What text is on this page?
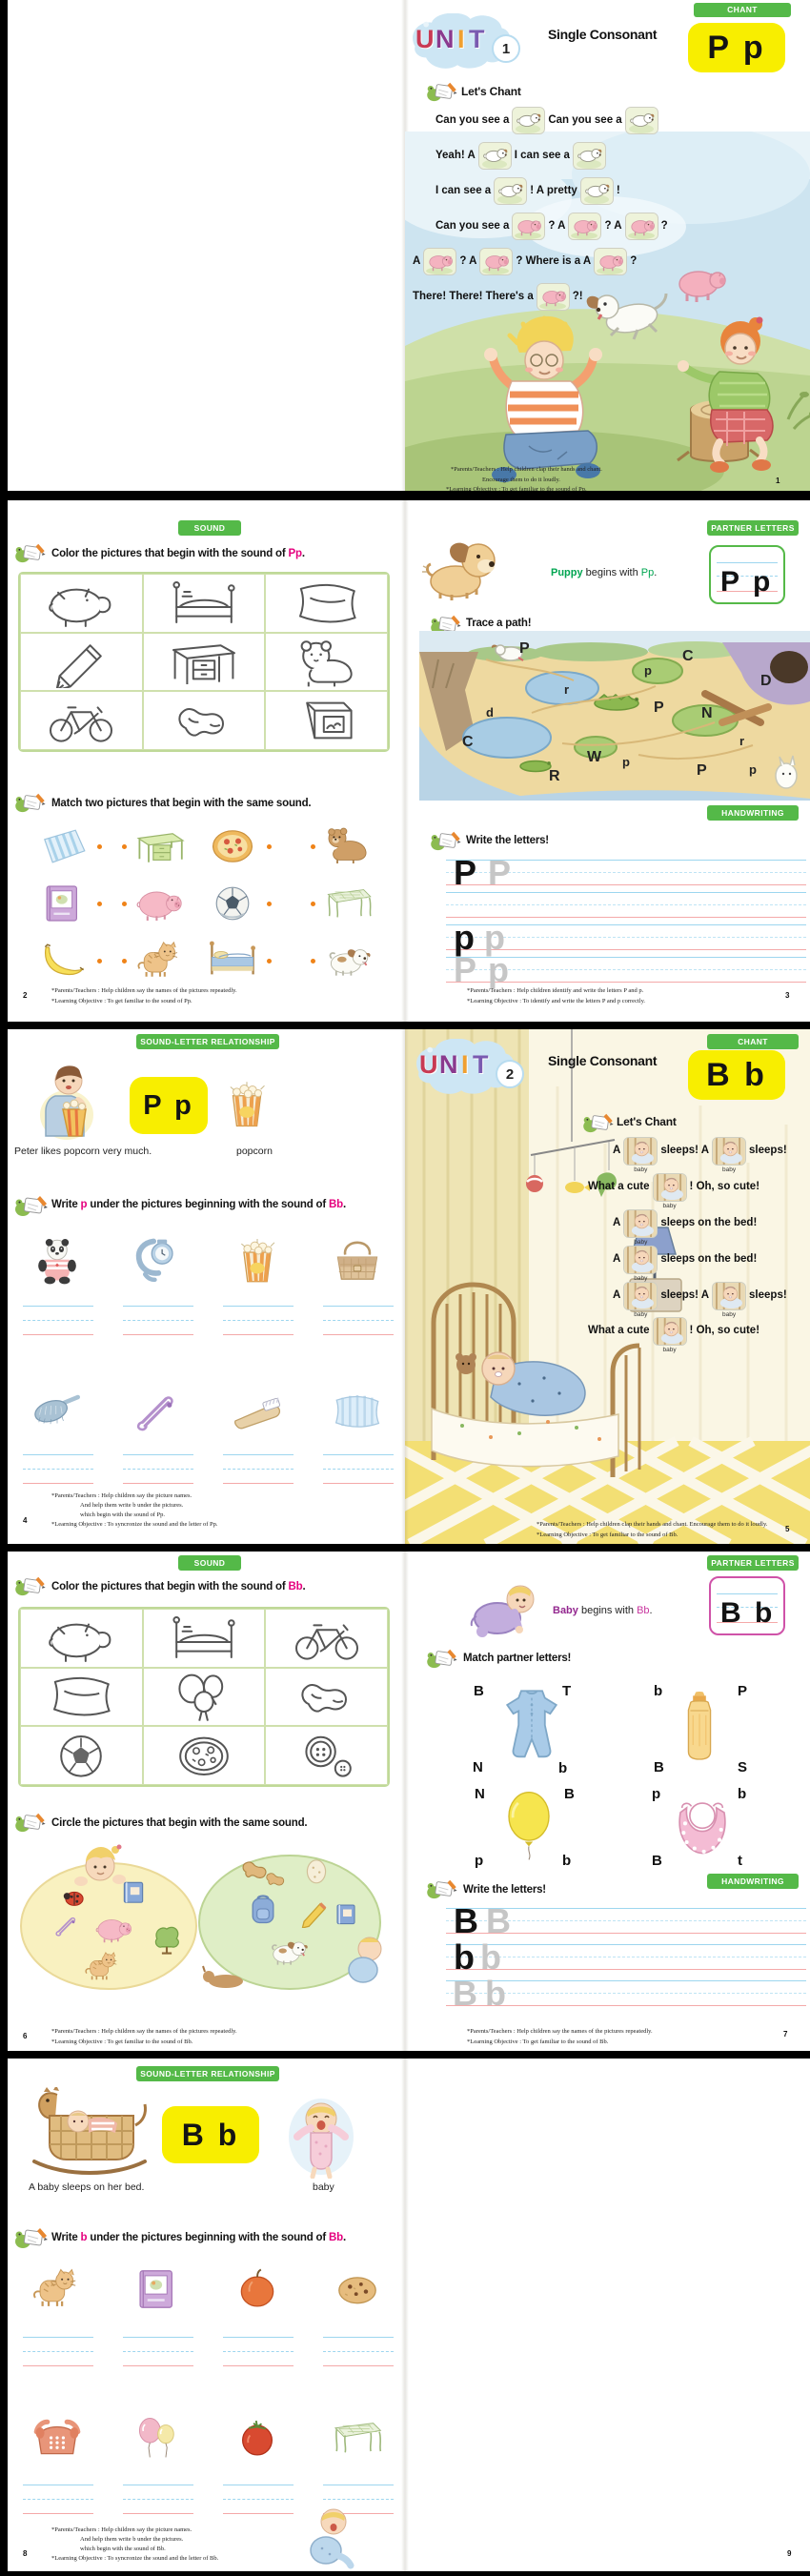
CHANT
P p
Single Consonant
U N I T	1
Let's Chant
Can you see a	Can you see a
Yeah! A	I can see a
I can see a	! A pretty	!
Can you see a	? A	? A	?
A	? A	? Where is a A	?
There! There! There's a	?!
*Parents/Teachers : Help children clap their hands and chant.
Encourage them to do it loudly.
*Learning Objective : To get familiar to the sound of Pp.
1
SOUND
Color the pictures that begin with the sound of Pp.
Match two pictures that begin with the same sound.
*Parents/Teachers : Help children say the names of the pictures repeatedly.
*Learning Objective : To get familiar to the sound of Pp.
2
PARTNER LETTERS
Puppy begins with Pp. P p
Trace a path!
P
p
C
D
r
d	P N
C	r
W p
R	P	p
HANDWRITING
Write the letters!
P P
p p
P p
*Parents/Teachers : Help children identify and write the letters P and p.
*Learning Objective : To identify and write the letters P and p correctly.
3
SOUND-LETTER RELATIONSHIP
P p
Peter likes popcorn very much.	popcorn
Write p under the pictures beginning with the sound of Bb.
*Parents/Teachers : Help children say the picture names.
And help them write b under the pictures.
which begin with the sound of Pp.
*Learning Objective : To syncronize the sound and the letter of Pp.
4
CHANT
U N I T	2
Single Consonant B b
Let's Chant
A
baby
sleeps! A
baby
sleeps!
What a cute
baby
! Oh, so cute!
A
baby
sleeps on the bed!
A
baby
sleeps on the bed!
A
baby
sleeps! A
baby
sleeps!
What a cute
baby
! Oh, so cute!
*Parents/Teachers : Help children clap their hands and chant. Encourage them to do it loudly.
*Learning Objective : To get familiar to the sound of Bb.
5
SOUND
Color the pictures that begin with the sound of Bb.
Circle the pictures that begin with the same sound.
*Parents/Teachers : Help children say the names of the pictures repeatedly.
*Learning Objective : To get familiar to the sound of Bb.
6
PARTNER LETTERS
Baby begins with Bb. B b
Match partner letters!
B	T
N	b
b	P
B	S
N	B
p	b
p	b
B	t
HANDWRITING
Write the letters!
B B
b b
B b
*Parents/Teachers : Help children say the names of the pictures repeatedly.
*Learning Objective : To get familiar to the sound of Bb.
7
SOUND-LETTER RELATIONSHIP
B b
A baby sleeps on her bed.	baby
Write b under the pictures beginning with the sound of Bb.
*Parents/Teachers : Help children say the picture names.
And help them write b under the pictures.
which begin with the sound of Bb.
*Learning Objective : To syncronize the sound and the letter of Bb.
8	9
